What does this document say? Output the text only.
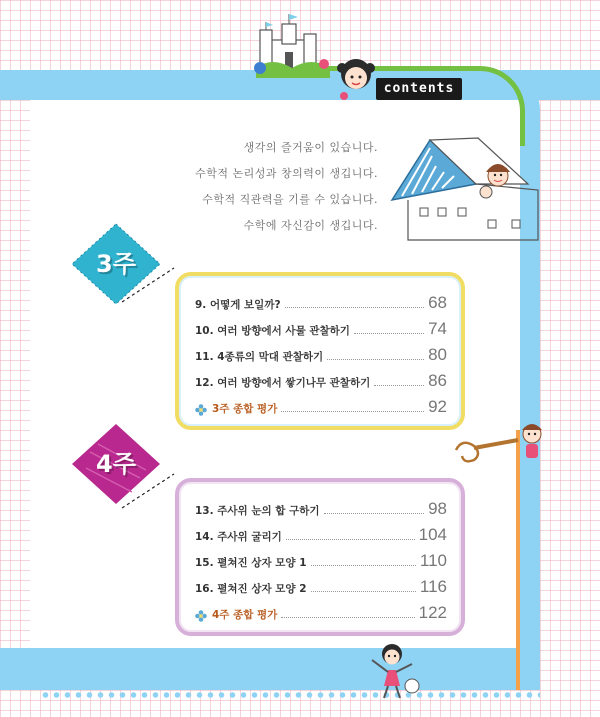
contents
생각의 즐거움이 있습니다.
수학적 논리성과 창의력이 생깁니다.
수학적 직관력을 기를 수 있습니다.
수학에 자신감이 생깁니다.
3주
9. 어떻게 보일까?	68
10. 여러 방향에서 사물 관찰하기	74
11. 4종류의 막대 관찰하기	80
12. 여러 방향에서 쌓기나무 관찰하기	86
3주 종합 평가	92
4주
13. 주사위 눈의 합 구하기	98
14. 주사위 굴리기	104
15. 펼쳐진 상자 모양 1	110
16. 펼쳐진 상자 모양 2	116
4주 종합 평가	122
